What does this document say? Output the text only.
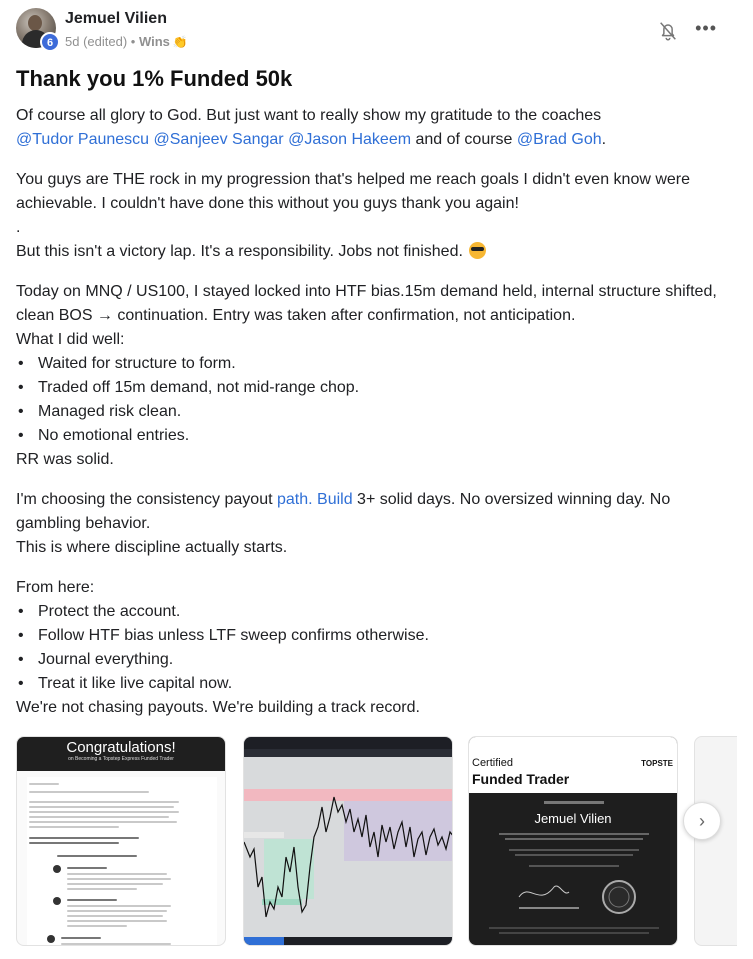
6
Jemuel Vilien
5d (edited) • Wins 👏
•••
Thank you 1% Funded 50k

Of course all glory to God. But just want to really show my gratitude to the coaches
@Tudor Paunescu @Sanjeev Sangar @Jason Hakeem and of course @Brad Goh.

You guys are THE rock in my progression that's helped me reach goals I didn't even know were achievable. I couldn't have done this without you guys thank you again!

.

But this isn't a victory lap. It's a responsibility. Jobs not finished.

Today on MNQ / US100, I stayed locked into HTF bias.15m demand held, internal structure shifted, clean BOS → continuation. Entry was taken after confirmation, not anticipation.

What I did well:

• Waited for structure to form.
• Traded off 15m demand, not mid-range chop.
• Managed risk clean.
• No emotional entries.

RR was solid.

I'm choosing the consistency payout path. Build 3+ solid days. No oversized winning day. No gambling behavior.

This is where discipline actually starts.

From here:

• Protect the account.
• Follow HTF bias unless LTF sweep confirms otherwise.
• Journal everything.
• Treat it like live capital now.

We're not chasing payouts. We're building a track record.

Congratulations!
on Becoming a Topstep Express Funded Trader	Certified
Funded Trader
TOPSTE
Jemuel Vilien	›
